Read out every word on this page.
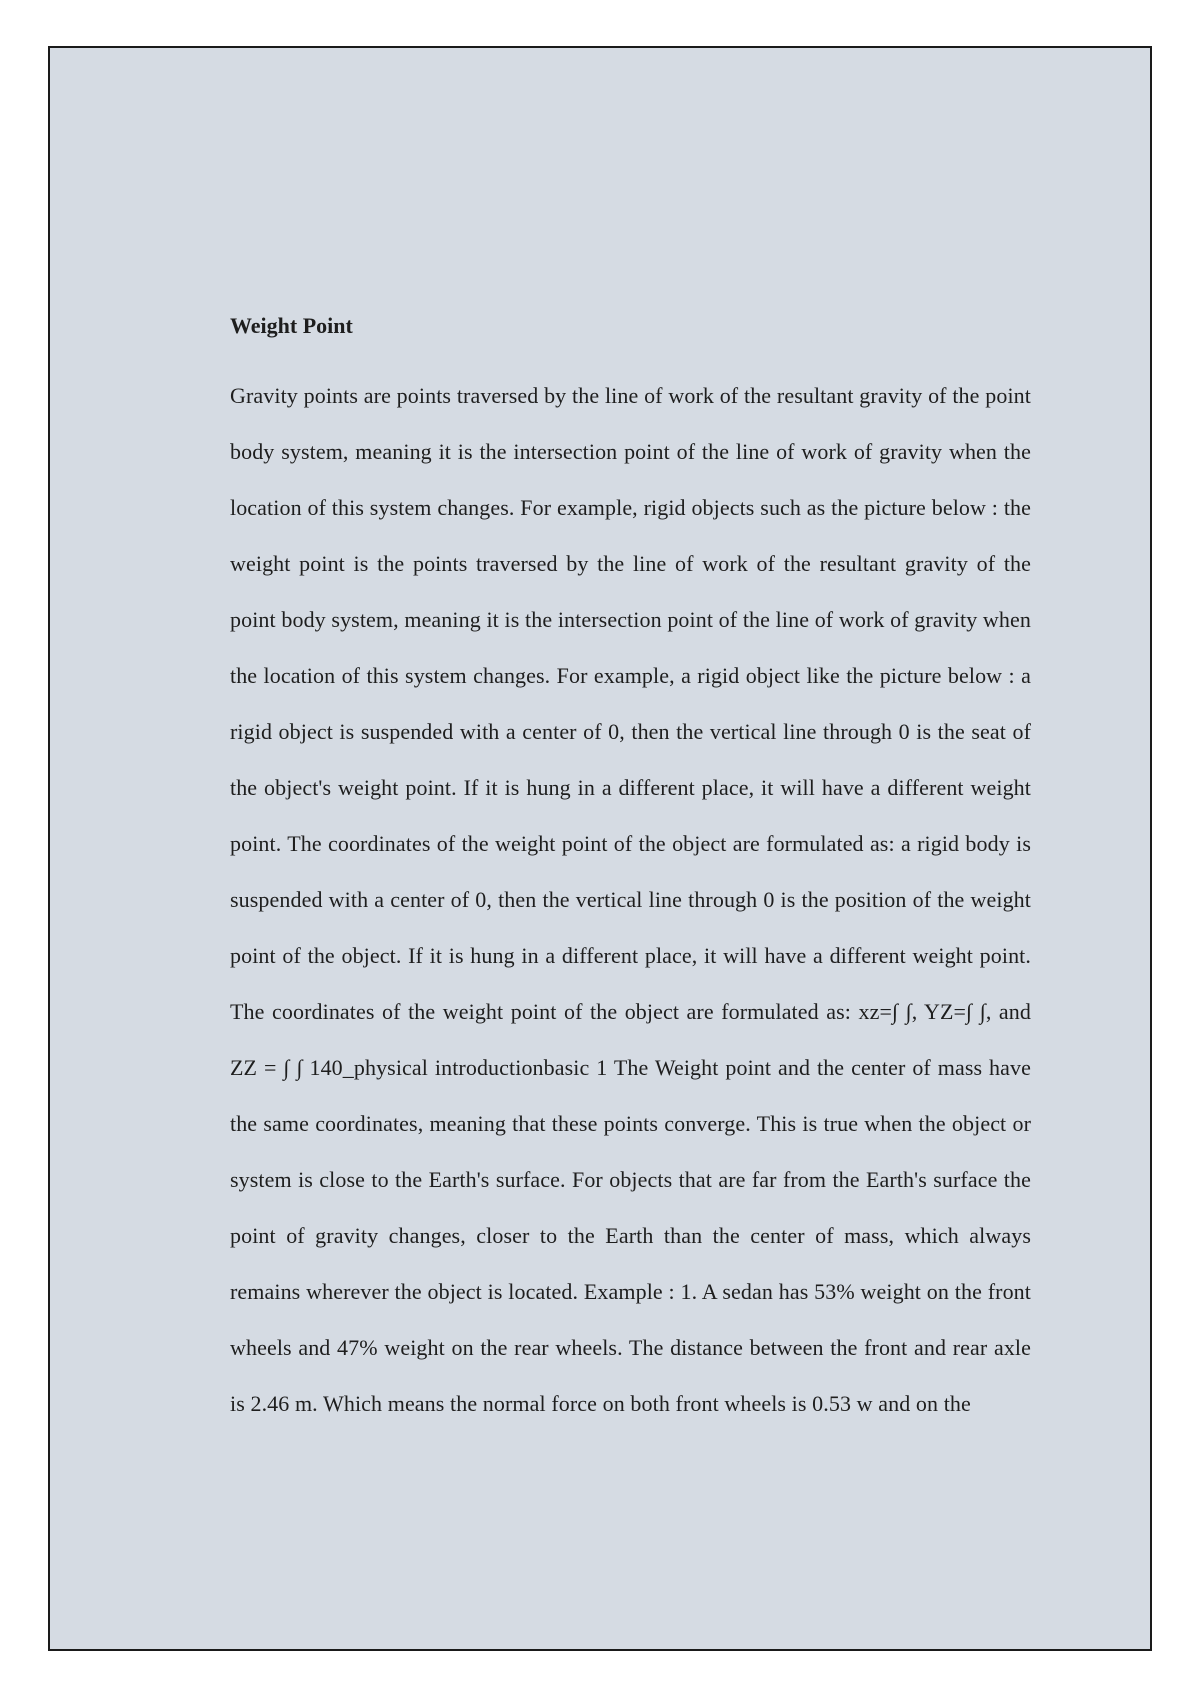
Weight Point

Gravity points are points traversed by the line of work of the resultant gravity of the point body system, meaning it is the intersection point of the line of work of gravity when the location of this system changes. For example, rigid objects such as the picture below : the weight point is the points traversed by the line of work of the resultant gravity of the point body system, meaning it is the intersection point of the line of work of gravity when the location of this system changes. For example, a rigid object like the picture below : a rigid object is suspended with a center of 0, then the vertical line through 0 is the seat of the object's weight point. If it is hung in a different place, it will have a different weight point. The coordinates of the weight point of the object are formulated as: a rigid body is suspended with a center of 0, then the vertical line through 0 is the position of the weight point of the object. If it is hung in a different place, it will have a different weight point. The coordinates of the weight point of the object are formulated as: xz=∫ ∫, YZ=∫ ∫, and ZZ = ∫ ∫ 140_physical introductionbasic 1 The Weight point and the center of mass have the same coordinates, meaning that these points converge. This is true when the object or system is close to the Earth's surface. For objects that are far from the Earth's surface the point of gravity changes, closer to the Earth than the center of mass, which always remains wherever the object is located. Example : 1. A sedan has 53% weight on the front wheels and 47% weight on the rear wheels. The distance between the front and rear axle is 2.46 m. Which means the normal force on both front wheels is 0.53 w and on the
